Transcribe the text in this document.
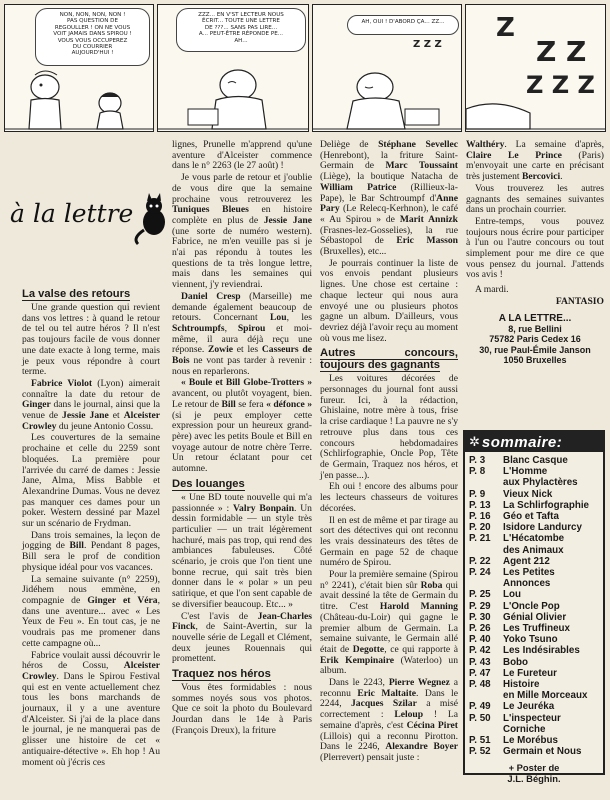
NON, NON, NON, NON !
PAS QUESTION DE
REGOULLER ! ON NE VOUS
VOIT JAMAIS DANS SPIROU !
VOUS VOUS OCCUPEREZ
DU COURRIER
AUJOURD'HUI !
ZZZ... EN V'ST LECTEUR NOUS
ÉCRIT... TOUTE UNE LETTRE
DE ???... SANS PAS LIRE...
A... PEUT-ÊTRE RÉPONDE PE...
AH...
AH, OUI ! D'ABORD ÇA... ZZ...
Z Z Z
Z
Z Z
Z Z Z
à la lettre
La valse des retours

Une grande question qui revient dans vos lettres : à quand le retour de tel ou tel autre héros ? Il n'est pas toujours facile de vous donner une date exacte à long terme, mais je peux vous répondre à court terme.

Fabrice Violot (Lyon) aimerait connaître la date du retour de Ginger dans le journal, ainsi que la venue de Jessie Jane et Alceister Crowley du jeune Antonio Cossu.

Les couvertures de la semaine prochaine et celle du 2259 sont bloquées. La première pour l'arrivée du carré de dames : Jessie Jane, Alma, Miss Babble et Alexandrine Dumas. Vous ne devez pas manquer ces dames pour un poker. Western dessiné par Mazel sur un scénario de Frydman.

Dans trois semaines, la leçon de jogging de Bill. Pendant 8 pages, Bill sera le prof de condition physique idéal pour vos vacances.

La semaine suivante (n° 2259), Jidéhem nous emmène, en compagnie de Ginger et Véra, dans une aventure... avec « Les Yeux de Feu ». En tout cas, je ne voudrais pas me promener dans cette campagne où...

Fabrice voulait aussi découvrir le héros de Cossu, Alceister Crowley. Dans le Spirou Festival qui est en vente actuellement chez tous les bons marchands de journaux, il y a une aventure d'Alceister. Si j'ai de la place dans le journal, je ne manquerai pas de glisser une histoire de cet « antiquaire-détective ». Eh hop ! Au moment où j'écris ces

lignes, Prunelle m'apprend qu'une aventure d'Alceister commence dans le n° 2263 (le 27 août) !

Je vous parle de retour et j'oublie de vous dire que la semaine prochaine vous retrouverez les Tuniques Bleues en histoire complète en plus de Jessie Jane (une sorte de numéro western). Fabrice, ne m'en veuille pas si je n'ai pas répondu à toutes les questions de ta très longue lettre, mais dans les semaines qui viennent, j'y reviendrai.

Daniel Cresp (Marseille) me demande également beaucoup de retours. Concernant Lou, les Schtroumpfs, Spirou et moi-même, il aura déjà reçu une réponse. Zowie et les Casseurs de Bois ne vont pas tarder à revenir : nous en reparlerons.

« Boule et Bill Globe-Trotters » avancent, ou plutôt voyagent, bien. Le retour de Bill se fera « défonce » (si je peux employer cette expression pour un heureux grand-père) avec les petits Boule et Bill en voyage autour de notre chère Terre. Un retour éclatant pour cet automne.

Des louanges

« Une BD toute nouvelle qui m'a passionnée » : Valry Bonpain. Un dessin formidable — un style très particulier — un trait légèrement hachuré, mais pas trop, qui rend des ambiances fabuleuses. Côté scénario, je crois que l'on tient une bonne recrue, qui sait très bien donner dans le « polar » un peu satirique, et que l'on sent capable de se diversifier beaucoup. Etc... »

C'est l'avis de Jean-Charles Finck, de Saint-Avertin, sur la nouvelle série de Legall et Clément, deux jeunes Rouennais qui promettent.

Traquez nos héros

Vous êtes formidables : nous sommes noyés sous vos photos. Que ce soit la photo du Boulevard Jourdan dans le 14e à Paris (François Dreux), la friture

Deliège de Stéphane Sevellec (Henrebont), la friture Saint-Germain de Marc Toussaint (Liège), la boutique Natacha de William Patrice (Rillieux-la-Pape), le Bar Schtroumpf d'Anne Pary (Le Relecq-Kerhnon), le café « Au Spirou » de Marit Annizk (Frasnes-lez-Gosselies), la rue Sébastopol de Eric Masson (Bruxelles), etc...

Je pourrais continuer la liste de vos envois pendant plusieurs lignes. Une chose est certaine : chaque lecteur qui nous aura envoyé une ou plusieurs photos gagne un album. D'ailleurs, vous devriez déjà l'avoir reçu au moment où vous me lisez.

Autres concours, toujours des gagnants

Les voitures décorées de personnages du journal font aussi fureur. Ici, à la rédaction, Ghislaine, notre mère à tous, frise la crise cardiaque ! La pauvre ne s'y retrouve plus dans tous ces concours hebdomadaires (Schlirfographie, Oncle Pop, Tête de Germain, Traquez nos héros, et j'en passe...).

Eh oui ! encore des albums pour les lecteurs chasseurs de voitures décorées.

Il en est de même et par tirage au sort des détectives qui ont reconnu les vrais dessinateurs des têtes de Germain en page 52 de chaque numéro de Spirou.

Pour la première semaine (Spirou n° 2241), c'était bien sûr Roba qui avait dessiné la tête de Germain du titre. C'est Harold Manning (Château-du-Loir) qui gagne le premier album de Germain. La semaine suivante, le Germain allé était de Degotte, ce qui rapporte à Erik Kempinaire (Waterloo) un album.

Dans le 2243, Pierre Wegnez a reconnu Eric Maltaite. Dans le 2244, Jacques Szilar a misé correctement : Leloup ! La semaine d'après, c'est Cécina Piret (Lillois) qui a reconnu Pirotton. Dans le 2246, Alexandre Boyer (Plerrevert) pensait juste :

Walthéry. La semaine d'après, Claire Le Prince (Paris) m'envoyait une carte en précisant très justement Bercovici.

Vous trouverez les autres gagnants des semaines suivantes dans un prochain courrier.

Entre-temps, vous pouvez toujours nous écrire pour participer à l'un ou l'autre concours ou tout simplement pour me dire ce que vous pensez du journal. J'attends vos avis !

A mardi.

FANTASIO

A LA LETTRE...
8, rue Bellini
75782 Paris Cedex 16
30, rue Paul-Émile Janson
1050 Bruxelles
✲ sommaire:
P. 3	Blanc Casque
P. 8	L'Homme
aux Phylactères
P. 9	Vieux Nick
P. 13	La Schlirfographie
P. 16	Géo et Tafta
P. 20	Isidore Landurcy
P. 21	L'Hécatombe
des Animaux
P. 22	Agent 212
P. 24	Les Petites
Annonces
P. 25	Lou
P. 29	L'Oncle Pop
P. 30	Génial Olivier
P. 26	Les Truffineux
P. 40	Yoko Tsuno
P. 42	Les Indésirables
P. 43	Bobo
P. 47	Le Fureteur
P. 48	Histoire
en Mille Morceaux
P. 49	Le Jeuréka
P. 50	L'inspecteur
Corniche
P. 51	Le Morébus
P. 52	Germain et Nous
+ Poster de
J.L. Béghin.
